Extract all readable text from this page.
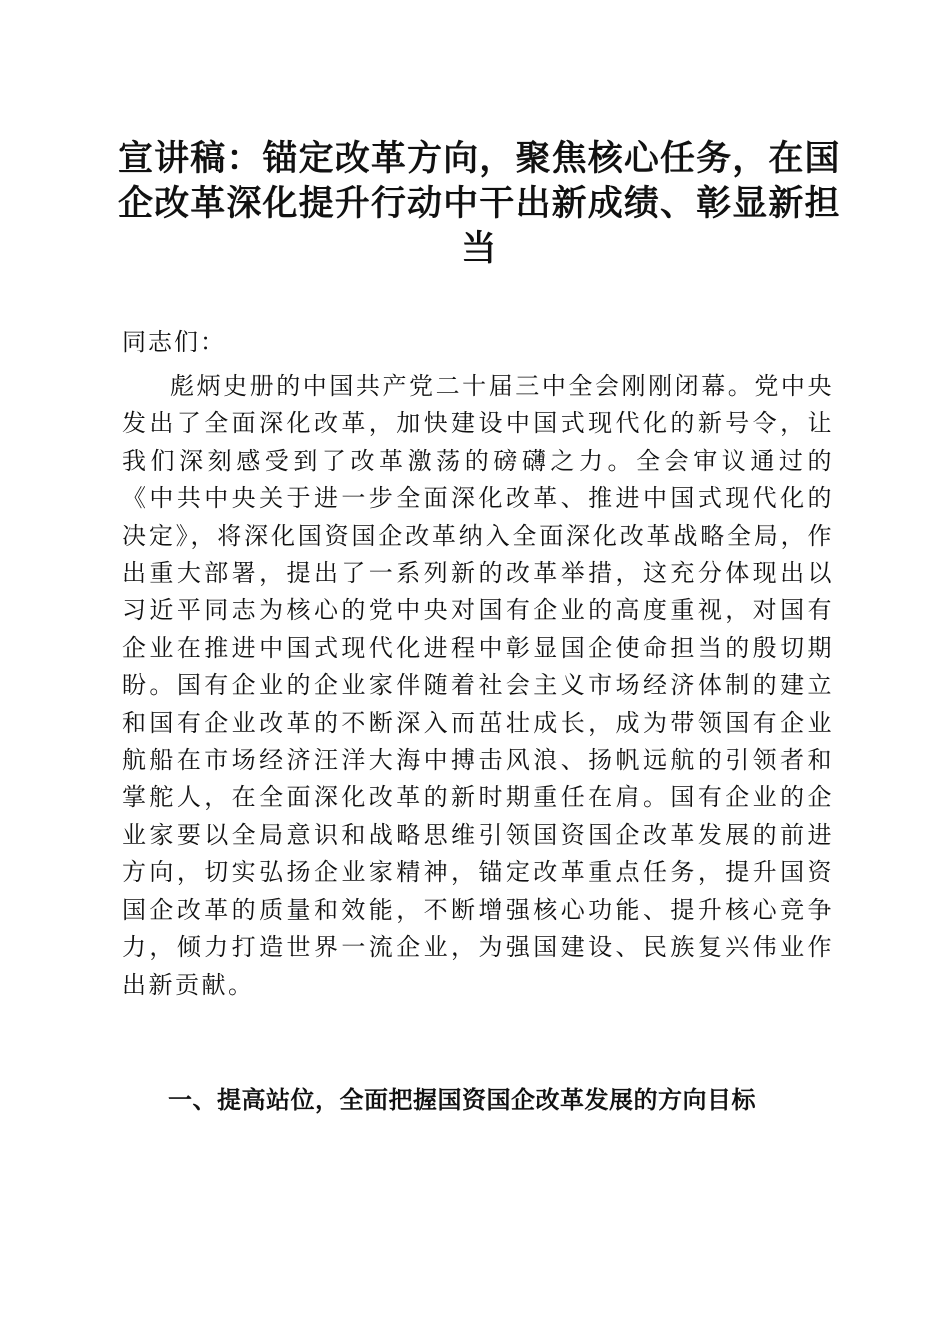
宣讲稿：锚定改革方向，聚焦核心任务，在国企改革深化提升行动中干出新成绩、彰显新担当

同志们：

彪炳史册的中国共产党二十届三中全会刚刚闭幕。党中央发出了全面深化改革，加快建设中国式现代化的新号令，让我们深刻感受到了改革激荡的磅礴之力。全会审议通过的《中共中央关于进一步全面深化改革、推进中国式现代化的决定》，将深化国资国企改革纳入全面深化改革战略全局，作出重大部署，提出了一系列新的改革举措，这充分体现出以习近平同志为核心的党中央对国有企业的高度重视，对国有企业在推进中国式现代化进程中彰显国企使命担当的殷切期盼。国有企业的企业家伴随着社会主义市场经济体制的建立和国有企业改革的不断深入而茁壮成长，成为带领国有企业航船在市场经济汪洋大海中搏击风浪、扬帆远航的引领者和掌舵人，在全面深化改革的新时期重任在肩。国有企业的企业家要以全局意识和战略思维引领国资国企改革发展的前进方向，切实弘扬企业家精神，锚定改革重点任务，提升国资国企改革的质量和效能，不断增强核心功能、提升核心竞争力，倾力打造世界一流企业，为强国建设、民族复兴伟业作出新贡献。

一、提高站位，全面把握国资国企改革发展的方向目标
